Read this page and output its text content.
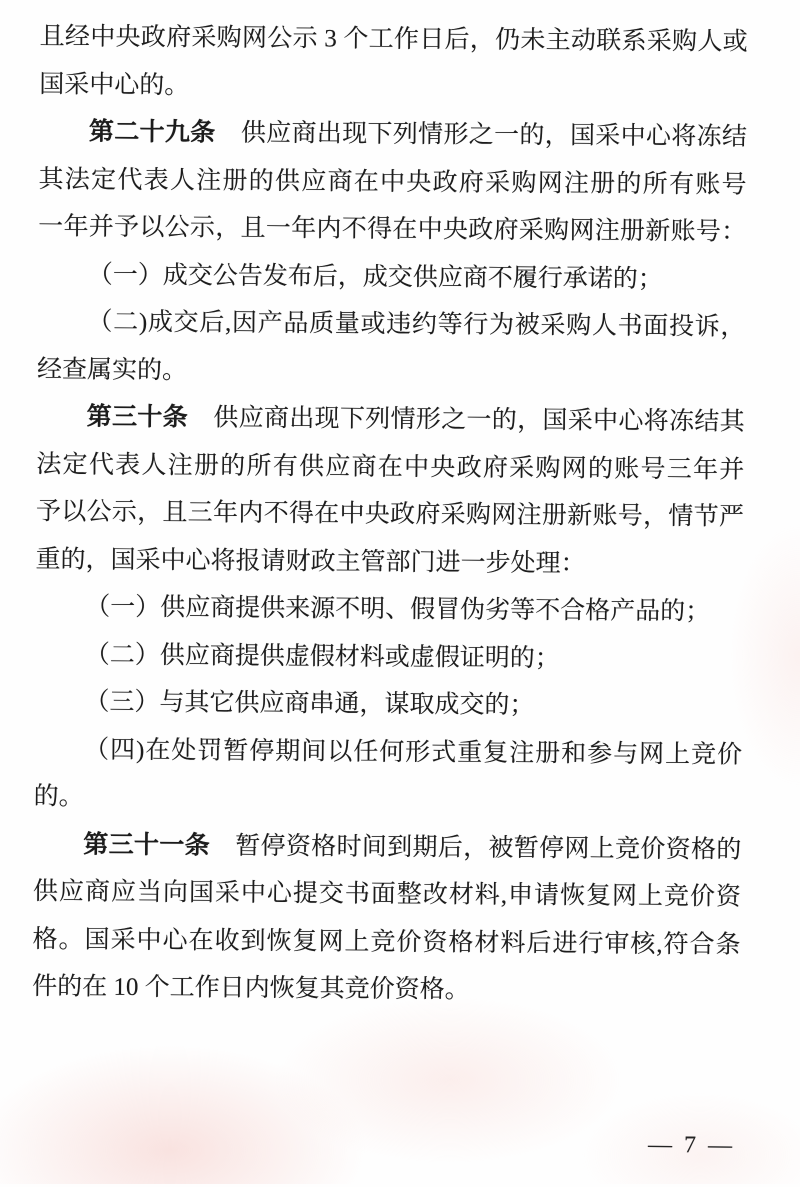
且经中央政府采购网公示 3 个工作日后，仍未主动联系采购人或
国采中心的。
第二十九条　供应商出现下列情形之一的，国采中心将冻结
其法定代表人注册的供应商在中央政府采购网注册的所有账号
一年并予以公示，且一年内不得在中央政府采购网注册新账号：
（一）成交公告发布后，成交供应商不履行承诺的；
（二)成交后,因产品质量或违约等行为被采购人书面投诉，
经查属实的。
第三十条　供应商出现下列情形之一的，国采中心将冻结其
法定代表人注册的所有供应商在中央政府采购网的账号三年并
予以公示，且三年内不得在中央政府采购网注册新账号，情节严
重的，国采中心将报请财政主管部门进一步处理：
（一）供应商提供来源不明、假冒伪劣等不合格产品的；
（二）供应商提供虚假材料或虚假证明的；
（三）与其它供应商串通，谋取成交的；
（四)在处罚暂停期间以任何形式重复注册和参与网上竞价
的。
第三十一条　暂停资格时间到期后，被暂停网上竞价资格的
供应商应当向国采中心提交书面整改材料,申请恢复网上竞价资
格。国采中心在收到恢复网上竞价资格材料后进行审核,符合条
件的在 10 个工作日内恢复其竞价资格。
— 7 —
